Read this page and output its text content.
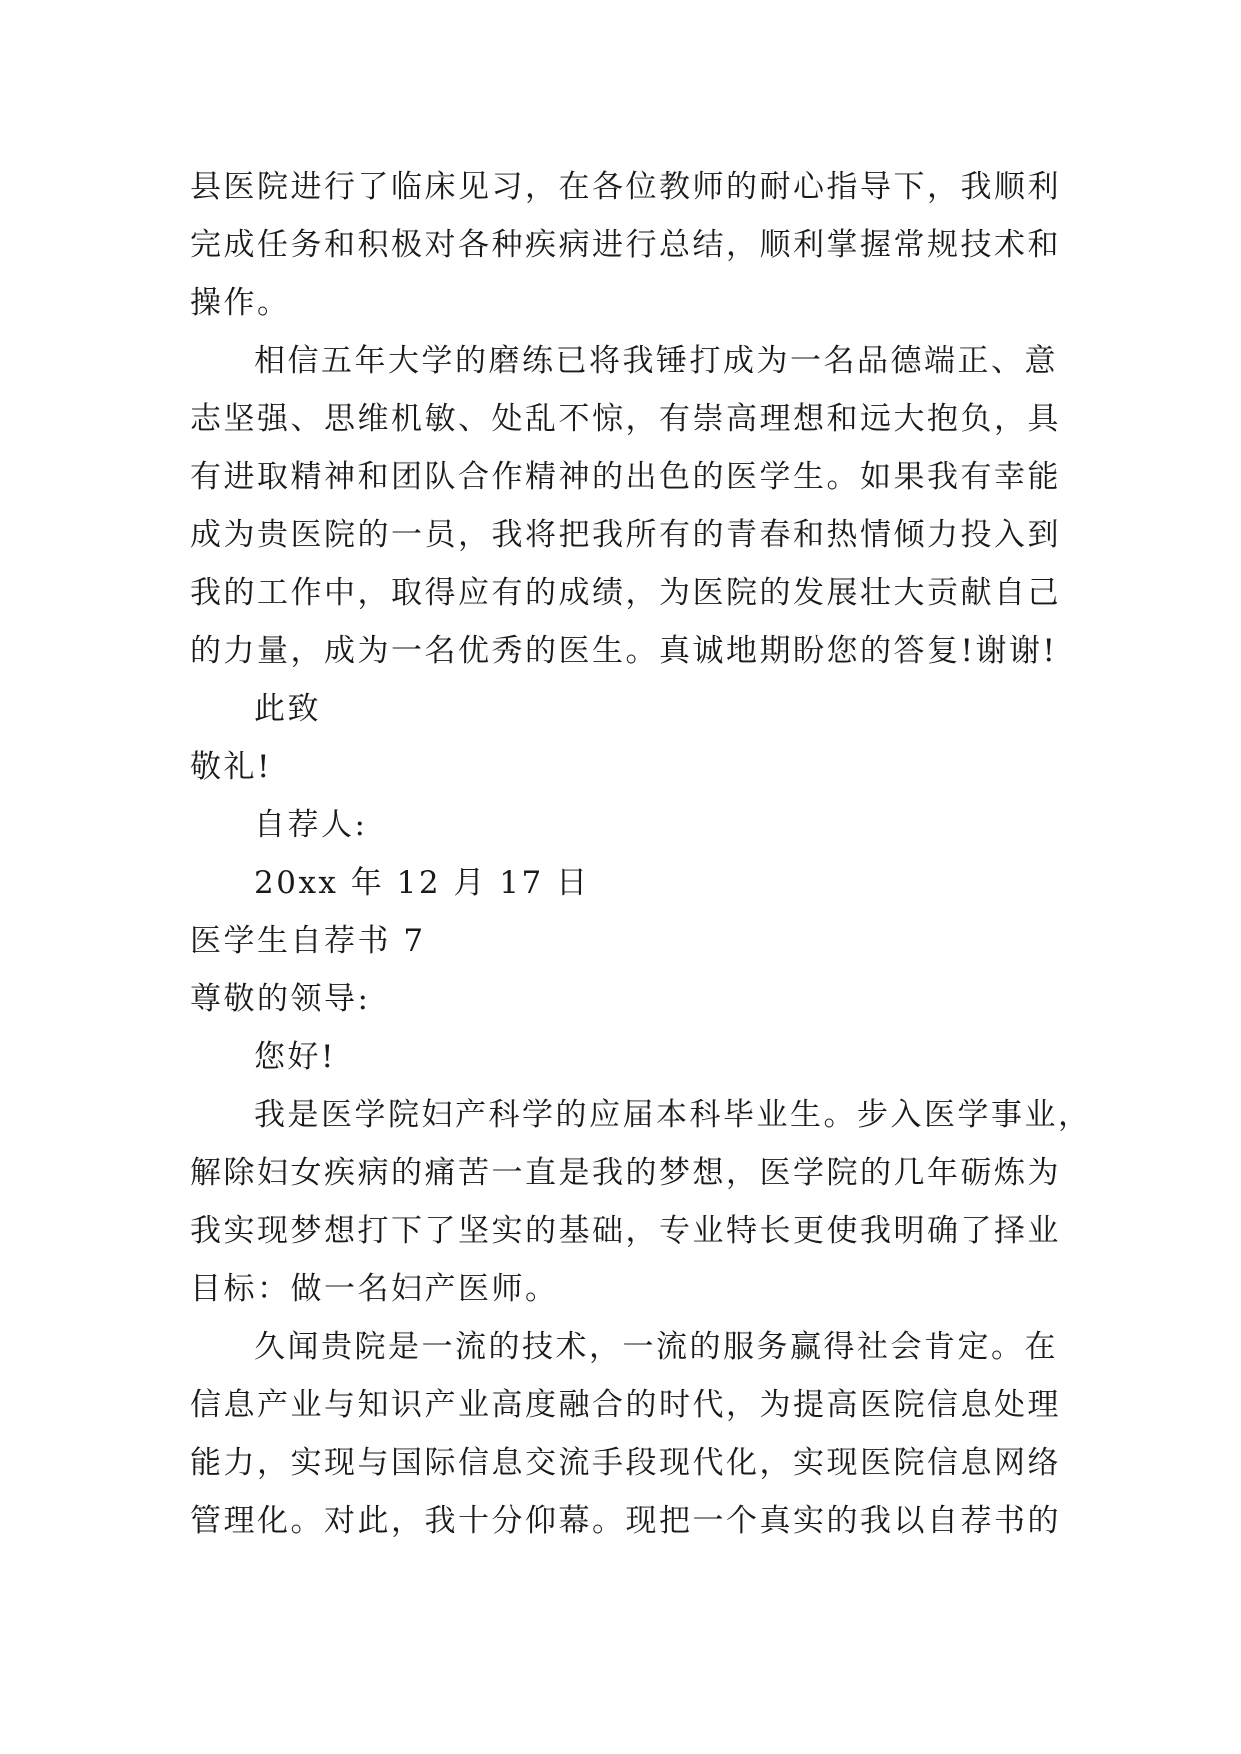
县医院进行了临床见习，在各位教师的耐心指导下，我顺利
完成任务和积极对各种疾病进行总结，顺利掌握常规技术和
操作。
相信五年大学的磨练已将我锤打成为一名品德端正、意
志坚强、思维机敏、处乱不惊，有崇高理想和远大抱负，具
有进取精神和团队合作精神的出色的医学生。如果我有幸能
成为贵医院的一员，我将把我所有的青春和热情倾力投入到
我的工作中，取得应有的成绩，为医院的发展壮大贡献自己
的力量，成为一名优秀的医生。真诚地期盼您的答复!谢谢!
此致
敬礼!
自荐人:
20xx 年 12 月 17 日
医学生自荐书 7
尊敬的领导:
您好!
我是医学院妇产科学的应届本科毕业生。步入医学事业，
解除妇女疾病的痛苦一直是我的梦想，医学院的几年砺炼为
我实现梦想打下了坚实的基础，专业特长更使我明确了择业
目标：做一名妇产医师。
久闻贵院是一流的技术，一流的服务赢得社会肯定。在
信息产业与知识产业高度融合的时代，为提高医院信息处理
能力，实现与国际信息交流手段现代化，实现医院信息网络
管理化。对此，我十分仰幕。现把一个真实的我以自荐书的
